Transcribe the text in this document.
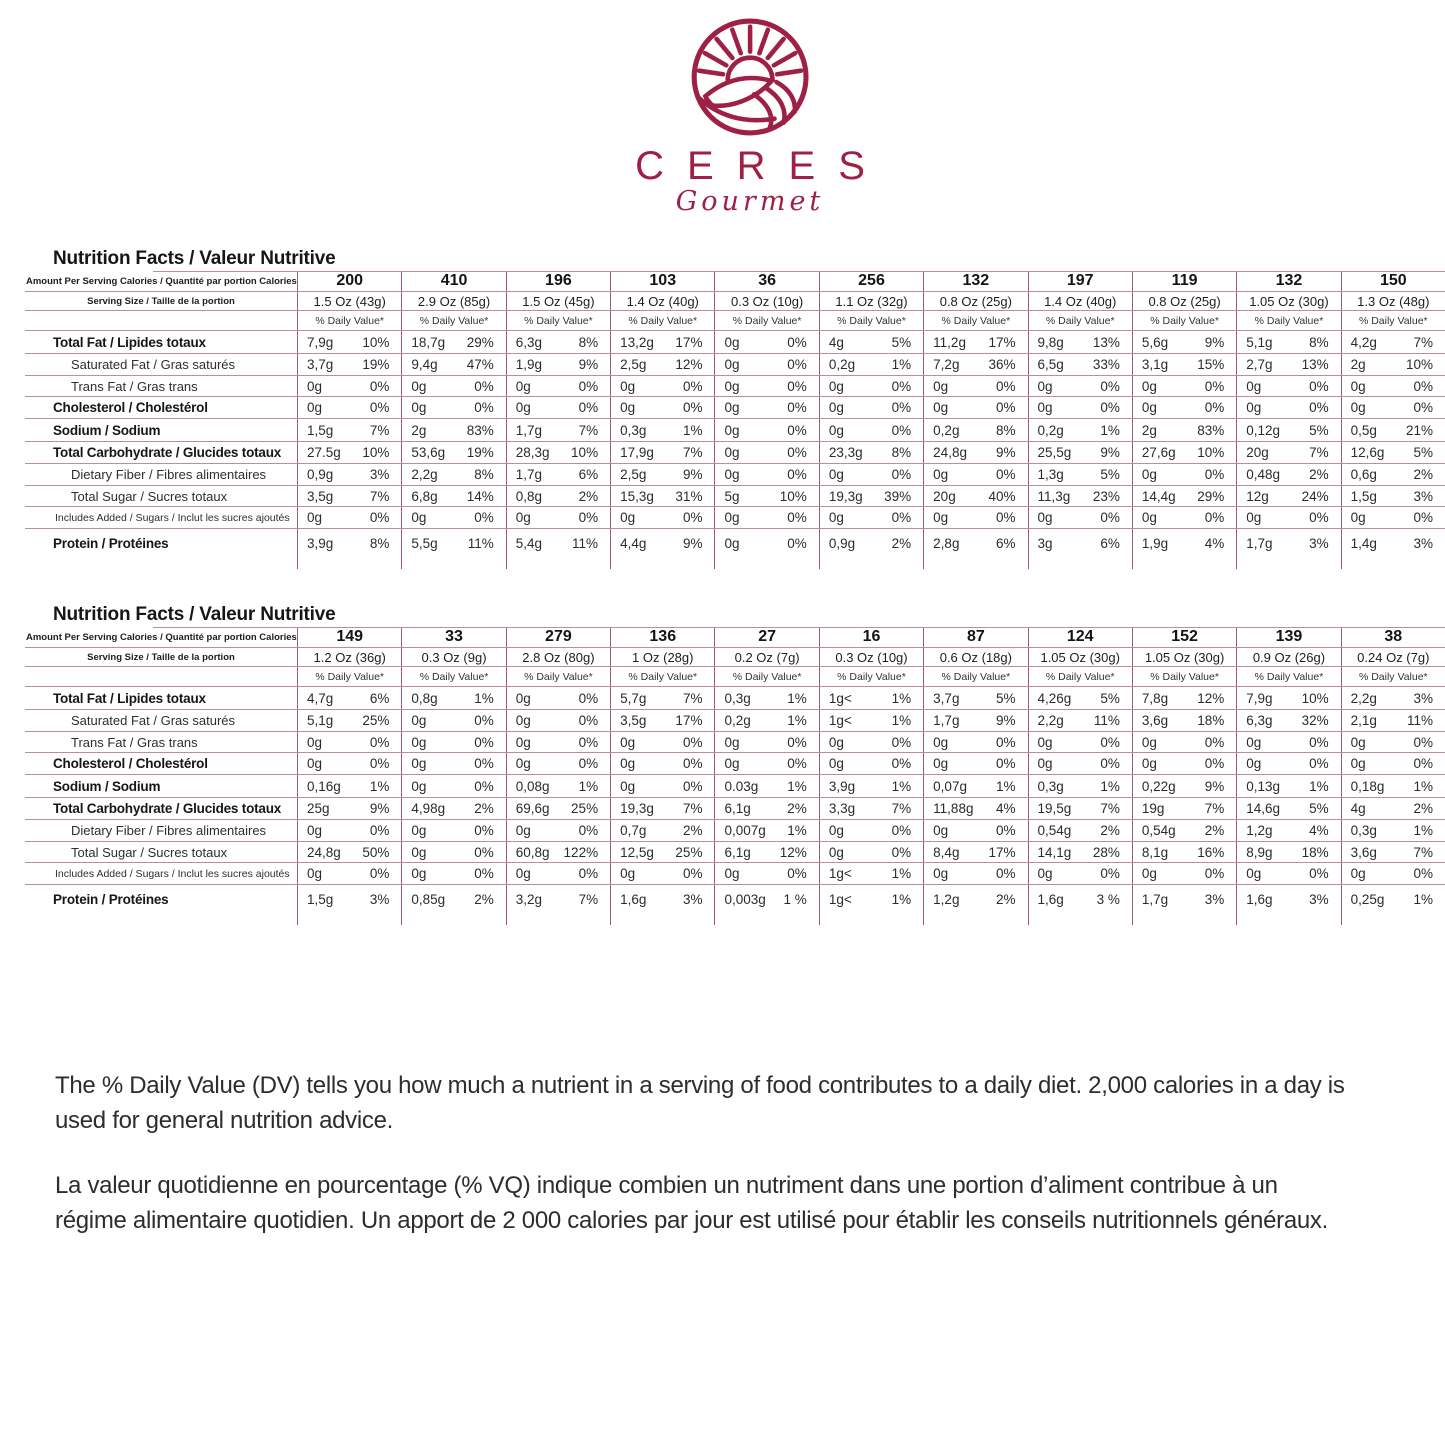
CERES
Gourmet
Nutrition Facts / Valeur Nutritive
Amount Per Serving Calories / Quantité par portion Calories	200	410	196	103	36	256	132	197	119	132	150
Serving Size / Taille de la portion	1.5 Oz (43g)	2.9 Oz (85g)	1.5 Oz (45g)	1.4 Oz (40g)	0.3 Oz (10g)	1.1 Oz (32g)	0.8 Oz (25g)	1.4 Oz (40g)	0.8 Oz (25g)	1.05 Oz (30g)	1.3 Oz (48g)
% Daily Value*	% Daily Value*	% Daily Value*	% Daily Value*	% Daily Value*	% Daily Value*	% Daily Value*	% Daily Value*	% Daily Value*	% Daily Value*	% Daily Value*
Total Fat / Lipides totaux	7,9g 10%	18,7g 29%	6,3g	8%	13,2g 17%	0g	0%	4g	5%	11,2g 17%	9,8g 13%	5,6g	9%	5,1g	8%	4,2g	7%
Saturated Fat / Gras saturés	3,7g 19%	9,4g 47%	1,9g	9%	2,5g 12%	0g	0%	0,2g	1%	7,2g 36%	6,5g 33%	3,1g 15%	2,7g 13%	2g	10%
Trans Fat / Gras trans	0g	0%	0g	0%	0g	0%	0g	0%	0g	0%	0g	0%	0g	0%	0g	0%	0g	0%	0g	0%	0g	0%
Cholesterol / Cholestérol	0g	0%	0g	0%	0g	0%	0g	0%	0g	0%	0g	0%	0g	0%	0g	0%	0g	0%	0g	0%	0g	0%
Sodium / Sodium	1,5g	7%	2g	83%	1,7g	7%	0,3g	1%	0g	0%	0g	0%	0,2g	8%	0,2g	1%	2g	83%	0,12g 5%	0,5g 21%
Total Carbohydrate / Glucides totaux	27.5g 10%	53,6g 19%	28,3g 10%	17,9g 7%	0g	0%	23,3g 8%	24,8g 9%	25,5g 9%	27,6g 10%	20g	7%	12,6g 5%
Dietary Fiber / Fibres alimentaires	0,9g	3%	2,2g	8%	1,7g	6%	2,5g	9%	0g	0%	0g	0%	0g	0%	1,3g	5%	0g	0%	0,48g 2%	0,6g	2%
Total Sugar / Sucres totaux	3,5g	7%	6,8g 14%	0,8g	2%	15,3g 31%	5g	10%	19,3g 39%	20g 40%	11,3g 23%	14,4g 29%	12g 24%	1,5g	3%
Includes Added / Sugars / Inclut les sucres ajoutés	0g	0%	0g	0%	0g	0%	0g	0%	0g	0%	0g	0%	0g	0%	0g	0%	0g	0%	0g	0%	0g	0%
Protein / Protéines	3,9g	8%	5,5g 11%	5,4g 11%	4,4g	9%	0g	0%	0,9g	2%	2,8g	6%	3g	6%	1,9g	4%	1,7g	3%	1,4g	3%
Nutrition Facts / Valeur Nutritive
Amount Per Serving Calories / Quantité par portion Calories	149	33	279	136	27	16	87	124	152	139	38
Serving Size / Taille de la portion	1.2 Oz (36g)	0.3 Oz (9g)	2.8 Oz (80g)	1 Oz (28g)	0.2 Oz (7g)	0.3 Oz (10g)	0.6 Oz (18g)	1.05 Oz (30g)	1.05 Oz (30g)	0.9 Oz (26g)	0.24 Oz (7g)
% Daily Value*	% Daily Value*	% Daily Value*	% Daily Value*	% Daily Value*	% Daily Value*	% Daily Value*	% Daily Value*	% Daily Value*	% Daily Value*	% Daily Value*
Total Fat / Lipides totaux	4,7g	6%	0,8g	1%	0g	0%	5,7g	7%	0,3g	1%	1g<	1%	3,7g	5%	4,26g 5%	7,8g 12%	7,9g 10%	2,2g	3%
Saturated Fat / Gras saturés	5,1g 25%	0g	0%	0g	0%	3,5g 17%	0,2g	1%	1g<	1%	1,7g	9%	2,2g 11%	3,6g 18%	6,3g 32%	2,1g 11%
Trans Fat / Gras trans	0g	0%	0g	0%	0g	0%	0g	0%	0g	0%	0g	0%	0g	0%	0g	0%	0g	0%	0g	0%	0g	0%
Cholesterol / Cholestérol	0g	0%	0g	0%	0g	0%	0g	0%	0g	0%	0g	0%	0g	0%	0g	0%	0g	0%	0g	0%	0g	0%
Sodium / Sodium	0,16g 1%	0g	0%	0,08g 1%	0g	0%	0.03g 1%	3,9g	1%	0,07g 1%	0,3g	1%	0,22g 9%	0,13g 1%	0,18g 1%
Total Carbohydrate / Glucides totaux	25g	9%	4,98g 2%	69,6g 25%	19,3g 7%	6,1g	2%	3,3g	7%	11,88g 4%	19,5g 7%	19g	7%	14,6g 5%	4g	2%
Dietary Fiber / Fibres alimentaires	0g	0%	0g	0%	0g	0%	0,7g	2%	0,007g 1%	0g	0%	0g	0%	0,54g 2%	0,54g 2%	1,2g	4%	0,3g	1%
Total Sugar / Sucres totaux	24,8g 50%	0g	0%	60,8g 122%	12,5g 25%	6,1g 12%	0g	0%	8,4g 17%	14,1g 28%	8,1g 16%	8,9g 18%	3,6g	7%
Includes Added / Sugars / Inclut les sucres ajoutés	0g	0%	0g	0%	0g	0%	0g	0%	0g	0%	1g<	1%	0g	0%	0g	0%	0g	0%	0g	0%	0g	0%
Protein / Protéines	1,5g	3%	0,85g 2%	3,2g	7%	1,6g	3%	0,003g 1 %	1g<	1%	1,2g	2%	1,6g 3 %	1,7g	3%	1,6g	3%	0,25g 1%
The % Daily Value (DV) tells you how much a nutrient in a serving of food contributes to a daily diet. 2,000 calories in a day is used for general nutrition advice.
La valeur quotidienne en pourcentage (% VQ) indique combien un nutriment dans une portion d’aliment contribue à un régime alimentaire quotidien. Un apport de 2 000 calories par jour est utilisé pour établir les conseils nutritionnels généraux.
